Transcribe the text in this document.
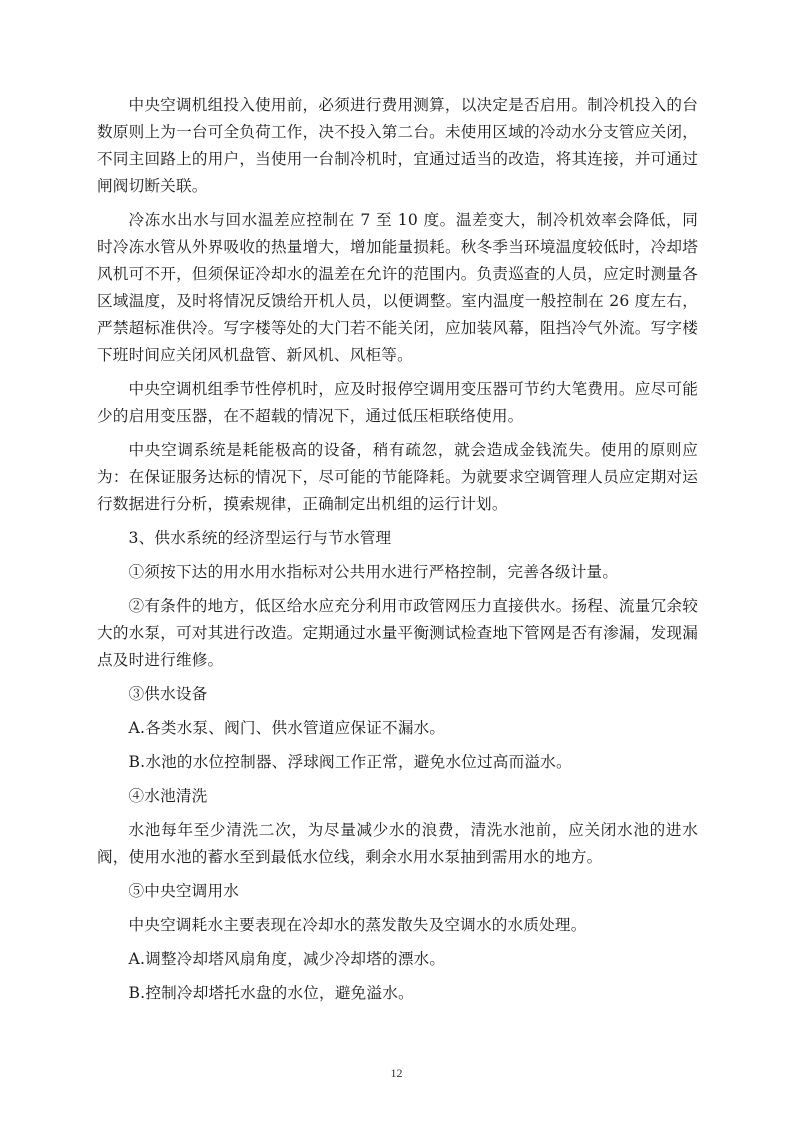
中央空调机组投入使用前，必须进行费用测算，以决定是否启用。制冷机投入的台数原则上为一台可全负荷工作，决不投入第二台。未使用区域的冷动水分支管应关闭，不同主回路上的用户，当使用一台制冷机时，宜通过适当的改造，将其连接，并可通过闸阀切断关联。

冷冻水出水与回水温差应控制在 7 至 10 度。温差变大，制冷机效率会降低，同时冷冻水管从外界吸收的热量增大，增加能量损耗。秋冬季当环境温度较低时，冷却塔风机可不开，但须保证冷却水的温差在允许的范围内。负责巡查的人员，应定时测量各区域温度，及时将情况反馈给开机人员，以便调整。室内温度一般控制在 26 度左右，严禁超标准供冷。写字楼等处的大门若不能关闭，应加装风幕，阻挡冷气外流。写字楼下班时间应关闭风机盘管、新风机、风柜等。

中央空调机组季节性停机时，应及时报停空调用变压器可节约大笔费用。应尽可能少的启用变压器，在不超载的情况下，通过低压柜联络使用。

中央空调系统是耗能极高的设备，稍有疏忽，就会造成金钱流失。使用的原则应为：在保证服务达标的情况下，尽可能的节能降耗。为就要求空调管理人员应定期对运行数据进行分析，摸索规律，正确制定出机组的运行计划。

3、供水系统的经济型运行与节水管理

①须按下达的用水用水指标对公共用水进行严格控制，完善各级计量。

②有条件的地方，低区给水应充分利用市政管网压力直接供水。扬程、流量冗余较大的水泵，可对其进行改造。定期通过水量平衡测试检查地下管网是否有渗漏，发现漏点及时进行维修。

③供水设备

A.各类水泵、阀门、供水管道应保证不漏水。

B.水池的水位控制器、浮球阀工作正常，避免水位过高而溢水。

④水池清洗

水池每年至少清洗二次，为尽量减少水的浪费，清洗水池前，应关闭水池的进水阀，使用水池的蓄水至到最低水位线，剩余水用水泵抽到需用水的地方。

⑤中央空调用水

中央空调耗水主要表现在冷却水的蒸发散失及空调水的水质处理。

A.调整冷却塔风扇角度，减少冷却塔的漂水。

B.控制冷却塔托水盘的水位，避免溢水。

12
